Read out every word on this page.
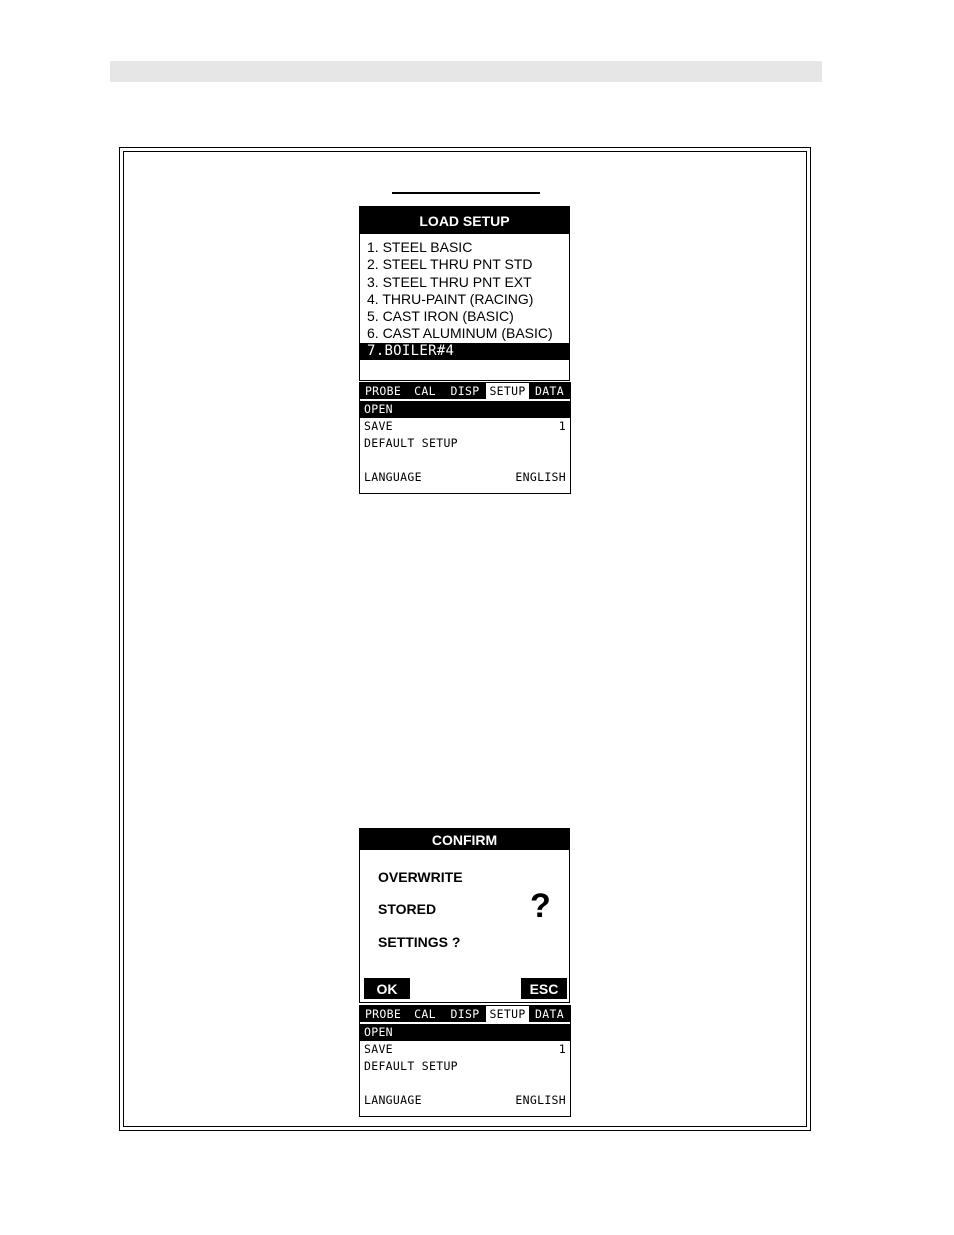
LOAD SETUP
1. STEEL BASIC
2. STEEL THRU PNT STD
3. STEEL THRU PNT EXT
4. THRU-PAINT (RACING)
5. CAST IRON (BASIC)
6. CAST ALUMINUM (BASIC)
7.BOILER#4
PROBE	CAL	DISP SETUP DATA
OPEN
SAVE	1
DEFAULT SETUP
LANGUAGE	ENGLISH
CONFIRM
OVERWRITE
STORED
SETTINGS ?
?
OK	ESC
PROBE	CAL	DISP SETUP DATA
OPEN
SAVE	1
DEFAULT SETUP
LANGUAGE	ENGLISH
